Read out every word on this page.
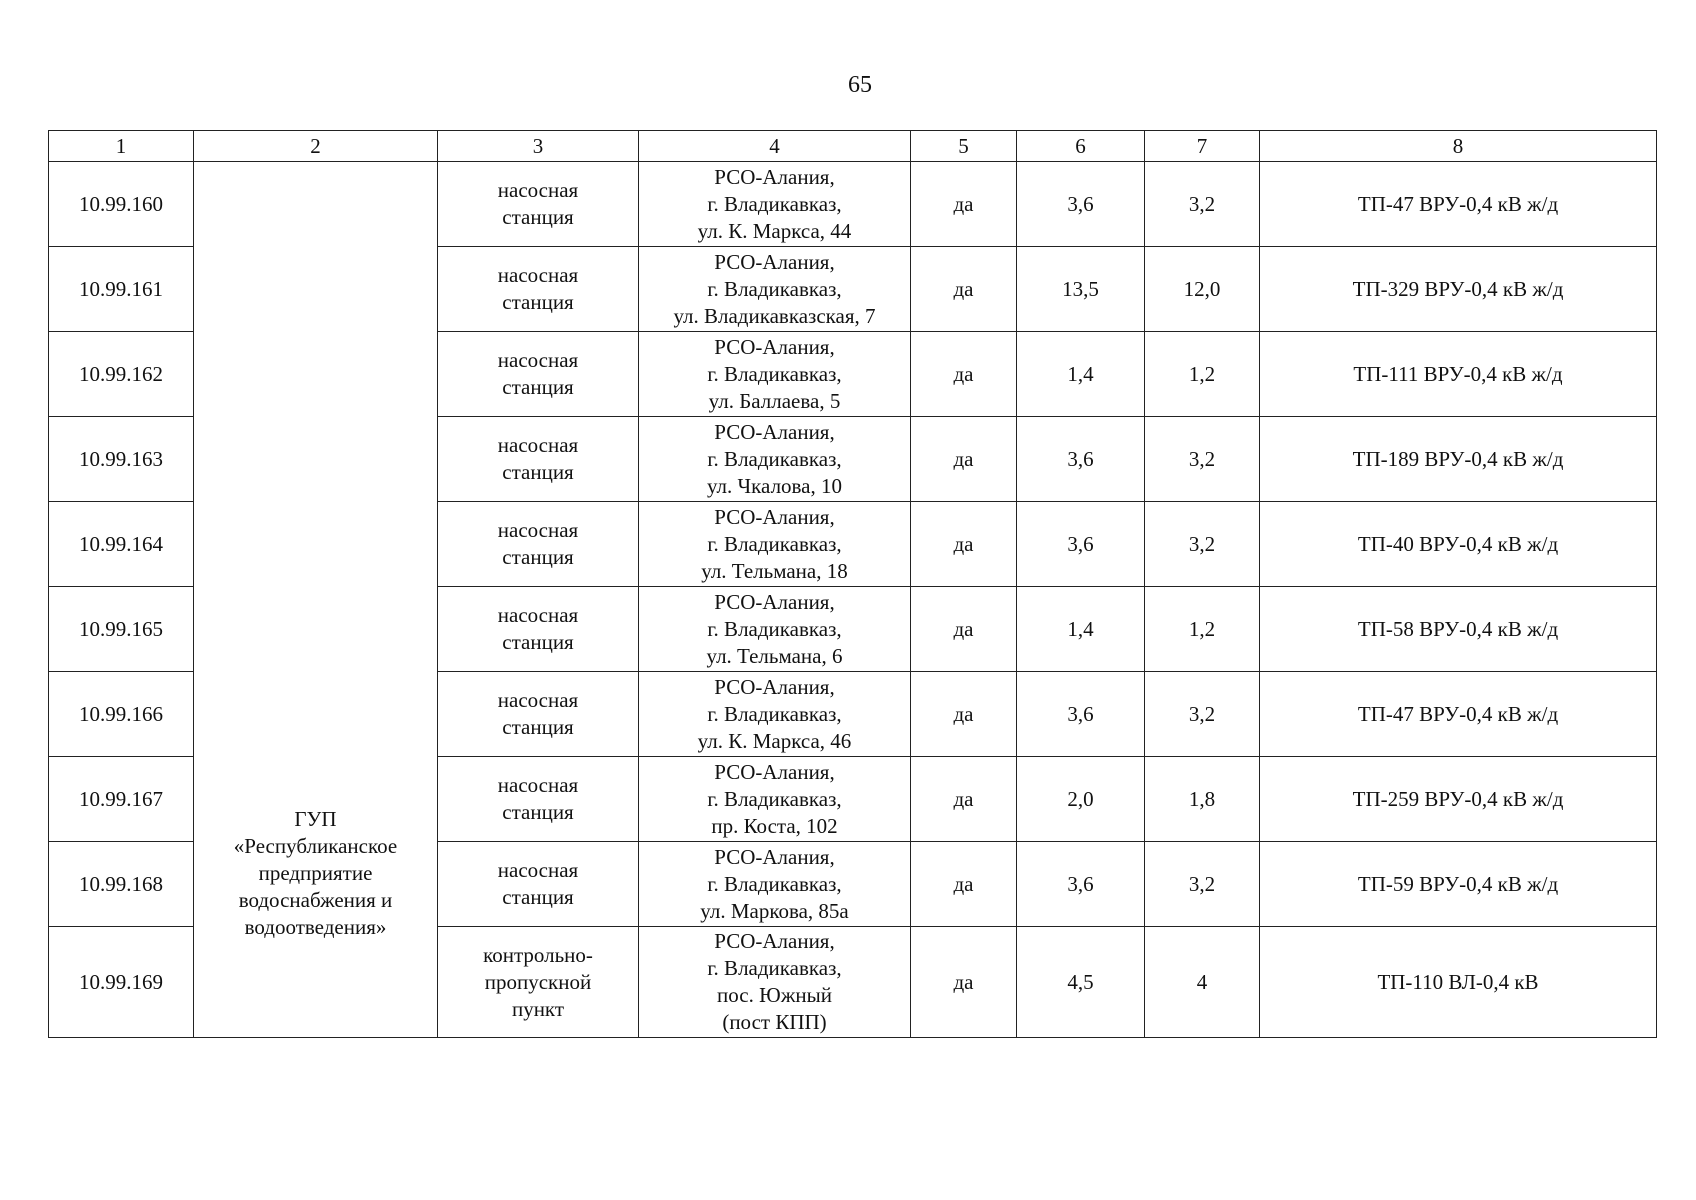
65
1	2	3	4	5	6	7	8
10.99.160	ГУП
«Республиканское
предприятие
водоснабжения и
водоотведения»	насосная
станция	РСО-Алания,
г. Владикавказ,
ул. К. Маркса, 44	да	3,6	3,2	ТП-47 ВРУ-0,4 кВ ж/д
10.99.161		насосная
станция	РСО-Алания,
г. Владикавказ,
ул. Владикавказская, 7	да	13,5	12,0	ТП-329 ВРУ-0,4 кВ ж/д
10.99.162		насосная
станция	РСО-Алания,
г. Владикавказ,
ул. Баллаева, 5	да	1,4	1,2	ТП-111 ВРУ-0,4 кВ ж/д
10.99.163		насосная
станция	РСО-Алания,
г. Владикавказ,
ул. Чкалова, 10	да	3,6	3,2	ТП-189 ВРУ-0,4 кВ ж/д
10.99.164		насосная
станция	РСО-Алания,
г. Владикавказ,
ул. Тельмана, 18	да	3,6	3,2	ТП-40 ВРУ-0,4 кВ ж/д
10.99.165		насосная
станция	РСО-Алания,
г. Владикавказ,
ул. Тельмана, 6	да	1,4	1,2	ТП-58 ВРУ-0,4 кВ ж/д
10.99.166		насосная
станция	РСО-Алания,
г. Владикавказ,
ул. К. Маркса, 46	да	3,6	3,2	ТП-47 ВРУ-0,4 кВ ж/д
10.99.167		насосная
станция	РСО-Алания,
г. Владикавказ,
пр. Коста, 102	да	2,0	1,8	ТП-259 ВРУ-0,4 кВ ж/д
10.99.168		насосная
станция	РСО-Алания,
г. Владикавказ,
ул. Маркова, 85а	да	3,6	3,2	ТП-59 ВРУ-0,4 кВ ж/д
10.99.169		контрольно-
пропускной
пункт	РСО-Алания,
г. Владикавказ,
пос. Южный
(пост КПП)	да	4,5	4	ТП-110 ВЛ-0,4 кВ
